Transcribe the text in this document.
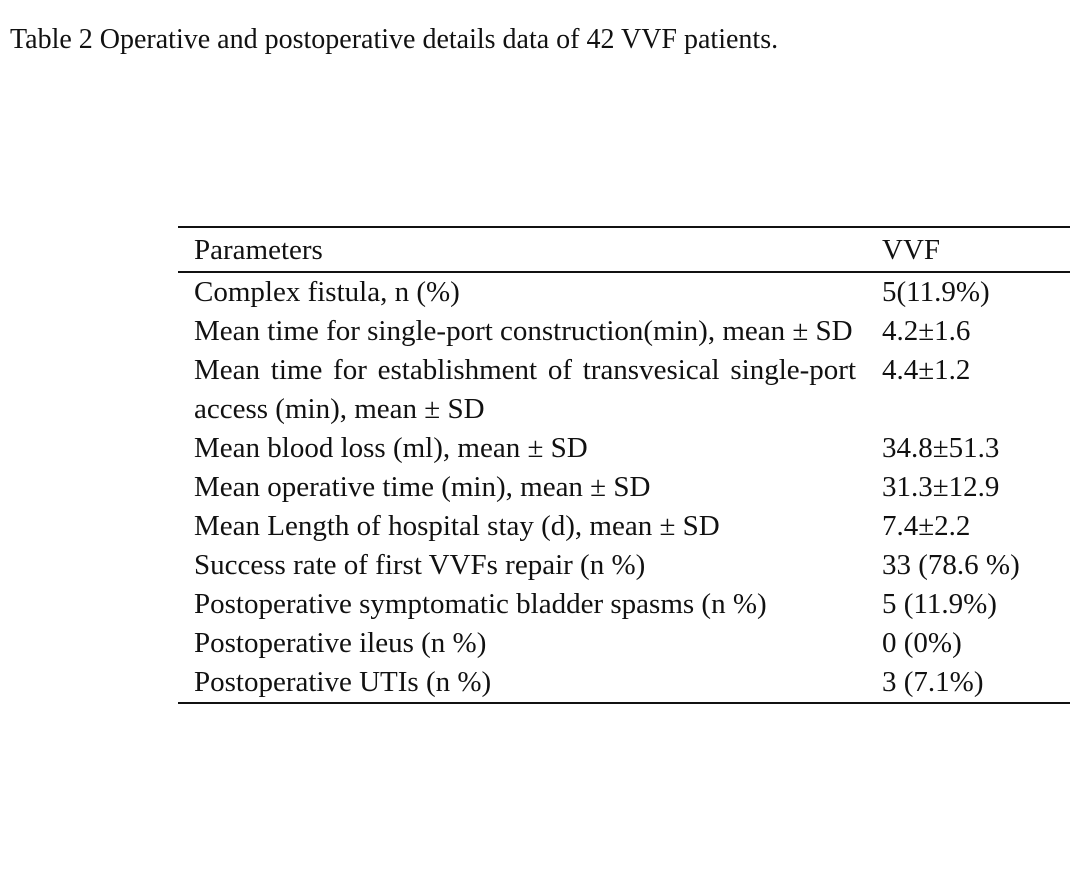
Table 2 Operative and postoperative details data of 42 VVF patients.
Parameters	VVF
Complex fistula, n (%)	5(11.9%)
Mean time for single-port construction(min), mean ± SD	4.2±1.6
Mean time for establishment of transvesical single-port access (min), mean ± SD	4.4±1.2
Mean blood loss (ml), mean ± SD	34.8±51.3
Mean operative time (min), mean ± SD	31.3±12.9
Mean Length of hospital stay (d), mean ± SD	7.4±2.2
Success rate of first VVFs repair (n %)	33 (78.6 %)
Postoperative symptomatic bladder spasms (n %)	5 (11.9%)
Postoperative ileus (n %)	0 (0%)
Postoperative UTIs (n %)	3 (7.1%)
